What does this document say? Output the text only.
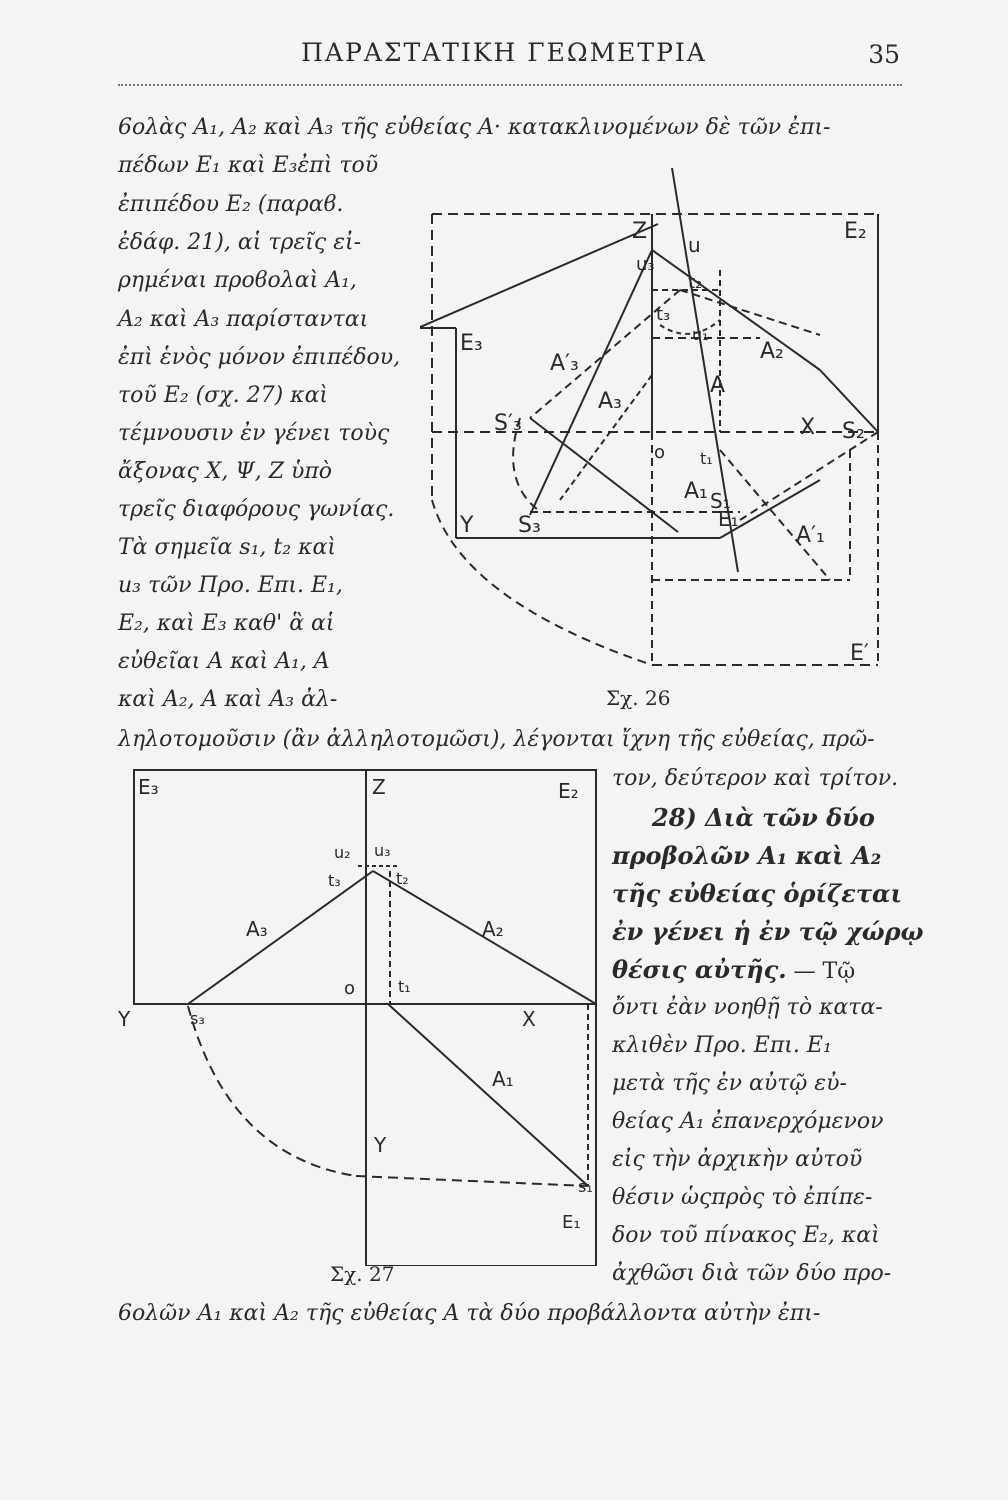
ΠΑΡΑΣΤΑΤΙΚΗ ΓΕΩΜΕΤΡΙΑ	35
6ολὰς A₁, A₂ καὶ A₃ τῆς εὐθείας Α· κατακλινομένων δὲ τῶν ἐπι-
πέδων E₁ καὶ E₃ἐπὶ τοῦ
ἐπιπέδου E₂ (παραϐ.
ἐδάφ. 21), αἱ τρεῖς εἰ-
ρημέναι προϐολαὶ A₁,
A₂ καὶ A₃ παρίστανται
ἐπὶ ἑνὸς μόνον ἐπιπέδου,
τοῦ E₂ (σχ. 27) καὶ
τέμνουσιν ἐν γένει τοὺς
ἄξονας X, Ψ, Z ὑπὸ
τρεῖς διαφόρους γωνίας.
Τὰ σημεῖα s₁, t₂ καὶ
u₃ τῶν Προ. Επι. E₁,
E₂, καὶ E₃ καθ' ἃ αἱ
εὐθεῖαι A καὶ A₁, A
καὶ A₂, A καὶ A₃ ἀλ-	Σχ. 26
ληλοτομοῦσιν (ἂν ἀλληλοτομῶσι), λέγονται ἴχνη τῆς εὐθείας, πρῶ-
τον, δεύτερον καὶ τρίτον.
28) Διὰ τῶν δύο
προβολῶν A₁ καὶ A₂
τῆς εὐθείας ὁρίζεται
ἐν γένει ἡ ἐν τῷ χώρῳ
θέσις αὐτῆς. — Τῷ
ὄντι ἐὰν νοηθῇ τὸ κατα-
κλιθὲν Προ. Επι. E₁
μετὰ τῆς ἐν αὐτῷ εὐ-
θείας A₁ ἐπανερχόμενον
εἰς τὴν ἀρχικὴν αὐτοῦ
θέσιν ὡςπρὸς τὸ ἐπίπε-
δον τοῦ πίνακος E₂, καὶ
ἀχθῶσι διὰ τῶν δύο προ-
Σχ. 27
6ολῶν A₁ καὶ A₂ τῆς εὐθείας A τὰ δύο προβάλλοντα αὐτὴν ἐπι-
Z	E₂
E₃
u
u₃
t₂
t₃
u₁
A′₃	A₂
A
A₃
S′₃	X S₂
o t₁
A₁
Y S₃	E₁
S₁
A′₁
E′
E₃	Z	E₂
u₂ u₃
t₃	t₂
A₃	A₂
o	t₁
Y	s₃	X
A₁
Y
s₁
E₁
